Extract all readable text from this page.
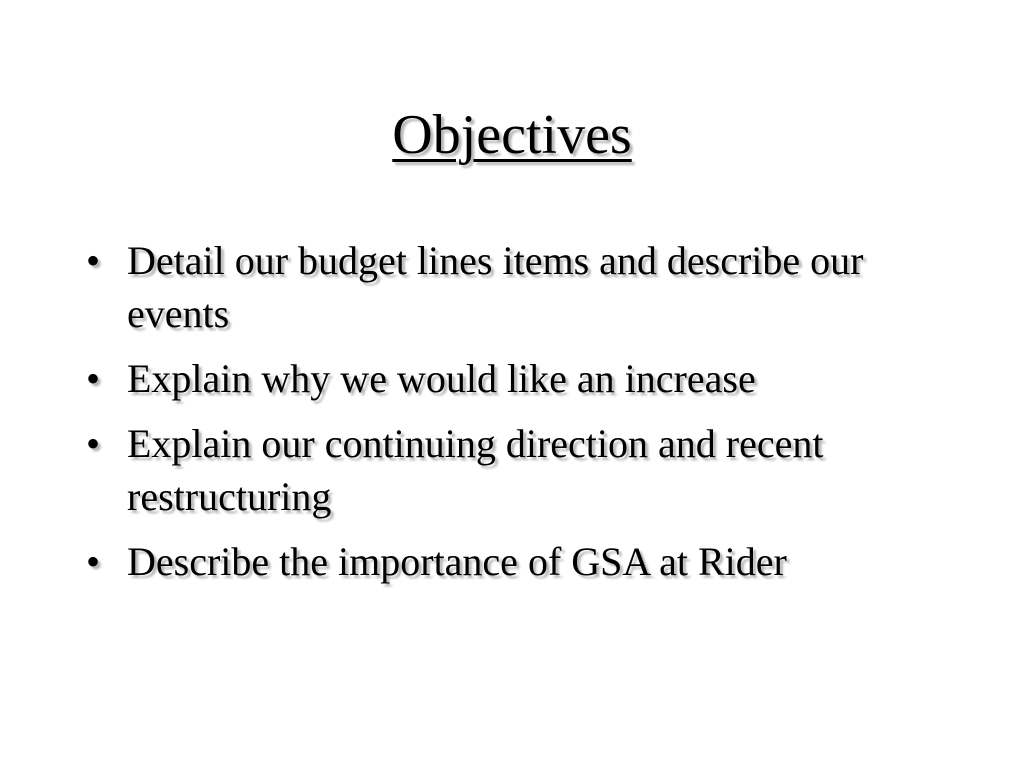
Objectives
• Detail our budget lines items and describe our events
• Explain why we would like an increase
• Explain our continuing direction and recent restructuring
• Describe the importance of GSA at Rider
